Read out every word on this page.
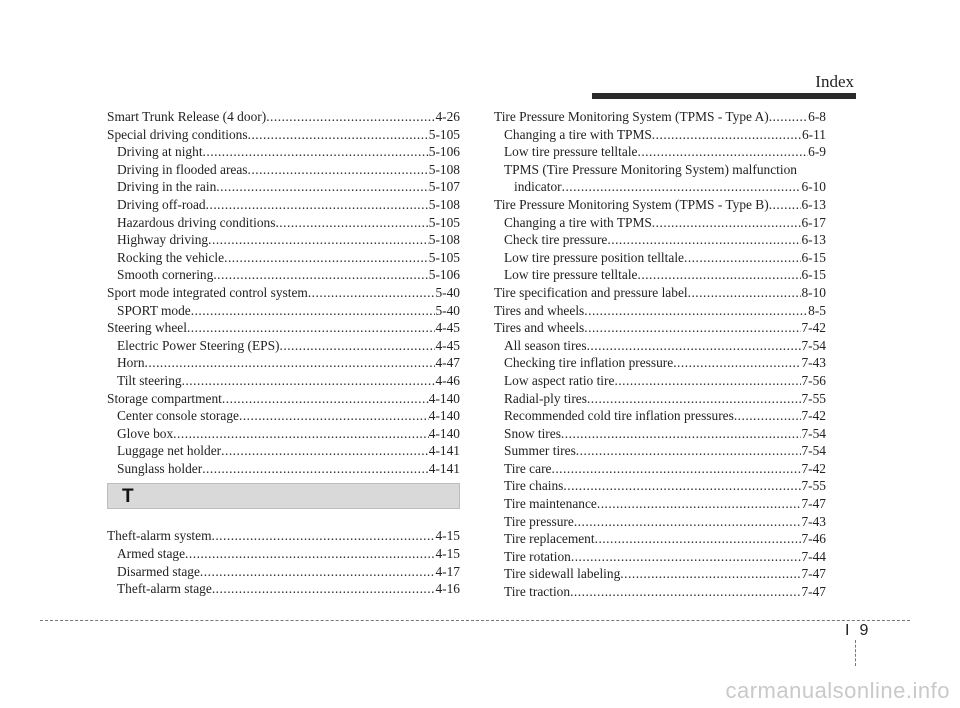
Index
Smart Trunk Release (4 door) .....	4-26
Special driving conditions .....	5-105
Driving at night .....	5-106
Driving in flooded areas .....	5-108
Driving in the rain .....	5-107
Driving off-road .....	5-108
Hazardous driving conditions .....	5-105
Highway driving .....	5-108
Rocking the vehicle .....	5-105
Smooth cornering .....	5-106
Sport mode integrated control system .....	5-40
SPORT mode .....	5-40
Steering wheel .....	4-45
Electric Power Steering (EPS) .....	4-45
Horn .....	4-47
Tilt steering .....	4-46
Storage compartment .....	4-140
Center console storage .....	4-140
Glove box .....	4-140
Luggage net holder .....	4-141
Sunglass holder .....	4-141
T
Theft-alarm system .....	4-15
Armed stage .....	4-15
Disarmed stage .....	4-17
Theft-alarm stage .....	4-16
Tire Pressure Monitoring System (TPMS - Type A) .....	6-8
Changing a tire with TPMS .....	6-11
Low tire pressure telltale .....	6-9
TPMS (Tire Pressure Monitoring System) malfunction
indicator .....	6-10
Tire Pressure Monitoring System (TPMS - Type B) ..... 6-13
Changing a tire with TPMS .....	6-17
Check tire pressure .....	6-13
Low tire pressure position telltale .....	6-15
Low tire pressure telltale .....	6-15
Tire specification and pressure label .....	8-10
Tires and wheels .....	8-5
Tires and wheels .....	7-42
All season tires .....	7-54
Checking tire inflation pressure .....	7-43
Low aspect ratio tire .....	7-56
Radial-ply tires .....	7-55
Recommended cold tire inflation pressures .....	7-42
Snow tires .....	7-54
Summer tires .....	7-54
Tire care .....	7-42
Tire chains .....	7-55
Tire maintenance .....	7-47
Tire pressure .....	7-43
Tire replacement .....	7-46
Tire rotation .....	7-44
Tire sidewall labeling .....	7-47
Tire traction .....	7-47
I 9
carmanualsonline.info
